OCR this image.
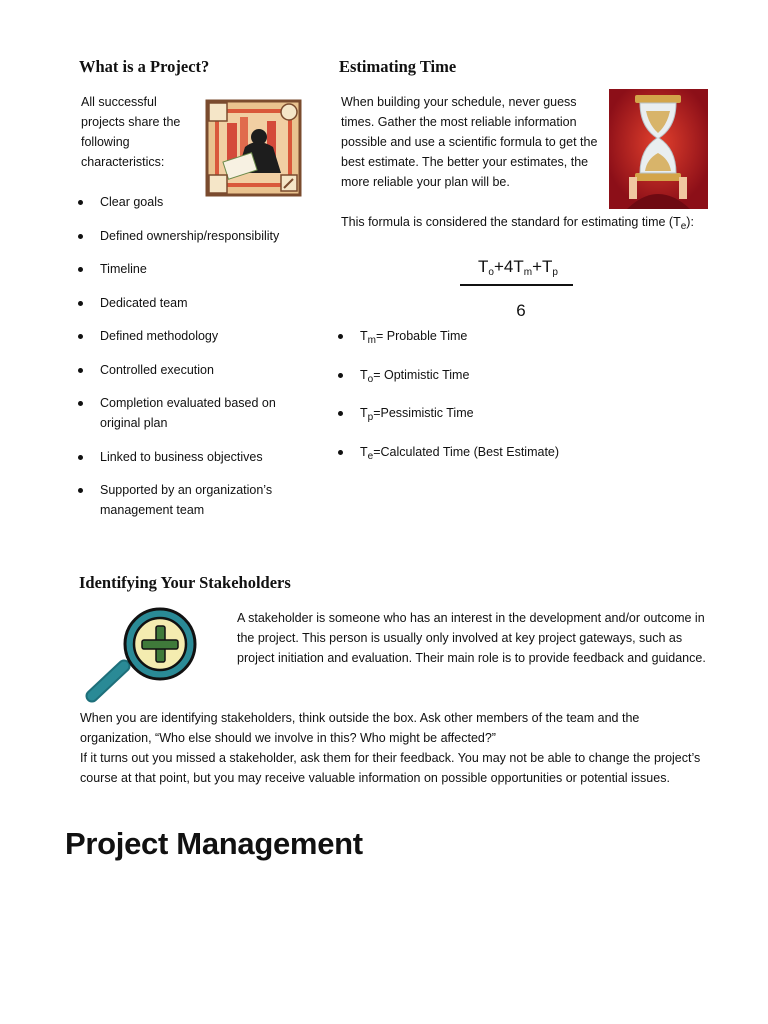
What is a Project?
All successful projects share the following characteristics:
Clear goals
Defined ownership/responsibility
Timeline
Dedicated team
Defined methodology
Controlled execution
Completion evaluated based on original plan
Linked to business objectives
Supported by an organization’s management team
Estimating Time
When building your schedule, never guess times. Gather the most reliable information possible and use a scientific formula to get the best estimate. The better your estimates, the more reliable your plan will be.
This formula is considered the standard for estimating time $(T_e)$:
$T_o+4T_m+T_p$
6
$T_m=$ Probable Time
$T_o=$ Optimistic Time
$T_p=Pessimistic$ Time
$T_e=Calculated$ Time (Best Estimate)
Identifying Your Stakeholders
A stakeholder is someone who has an interest in the development and/or outcome in the project. This person is usually only involved at key project gateways, such as project initiation and evaluation. Their main role is to provide feedback and guidance.
When you are identifying stakeholders, think outside the box. Ask other members of the team and the organization, “Who else should we involve in this? Who might be affected?”
If it turns out you missed a stakeholder, ask them for their feedback. You may not be able to change the project’s course at that point, but you may receive valuable information on possible opportunities or potential issues.
Project Management
